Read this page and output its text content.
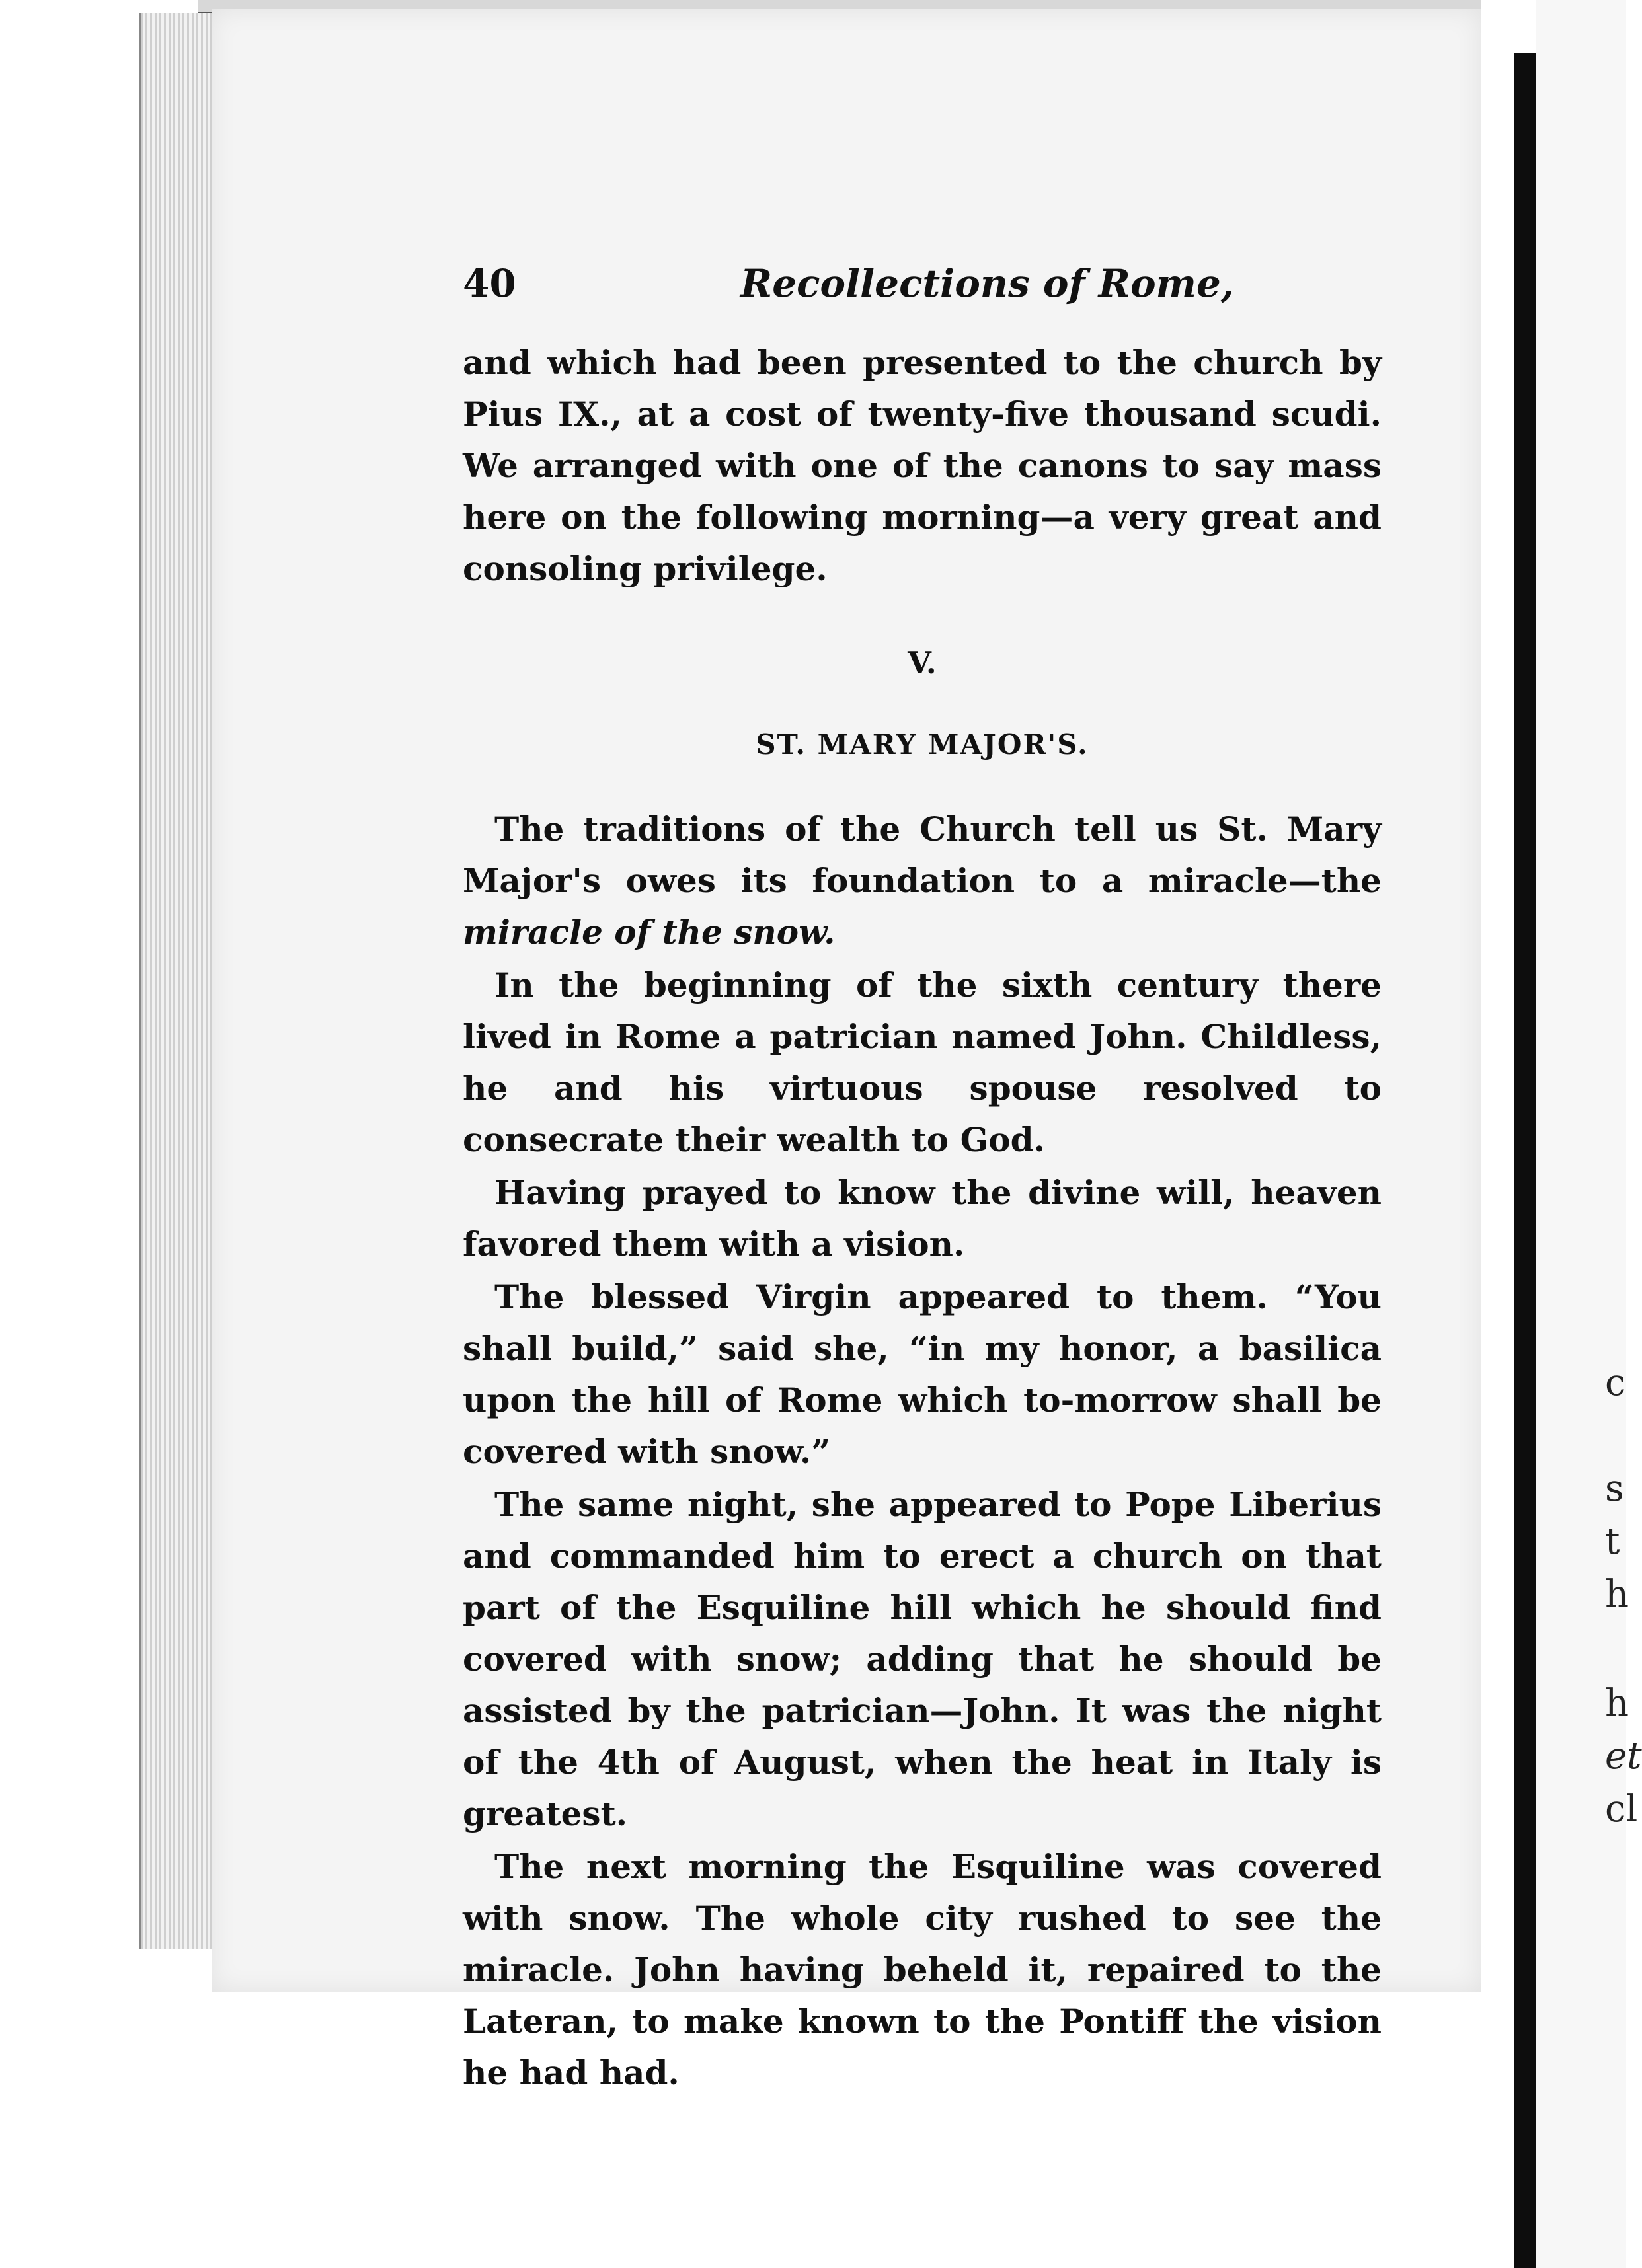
c
s
t
h
h
et
cl
40	Recollections of Rome,

and which had been presented to the church by Pius IX., at a cost of twenty-five thousand scudi. We arranged with one of the canons to say mass here on the following morning—a very great and consoling privilege.

V.
ST. MARY MAJOR'S.

The traditions of the Church tell us St. Mary Major's owes its foundation to a miracle—the miracle of the snow.

In the beginning of the sixth century there lived in Rome a patrician named John. Childless, he and his virtuous spouse resolved to consecrate their wealth to God.

Having prayed to know the divine will, heaven favored them with a vision.

The blessed Virgin appeared to them. “You shall build,” said she, “in my honor, a basilica upon the hill of Rome which to-morrow shall be covered with snow.”

The same night, she appeared to Pope Liberius and commanded him to erect a church on that part of the Esquiline hill which he should find covered with snow; adding that he should be assisted by the patrician—John. It was the night of the 4th of August, when the heat in Italy is greatest.

The next morning the Esquiline was covered with snow. The whole city rushed to see the miracle. John having beheld it, repaired to the Lateran, to make known to the Pontiff the vision he had had.
